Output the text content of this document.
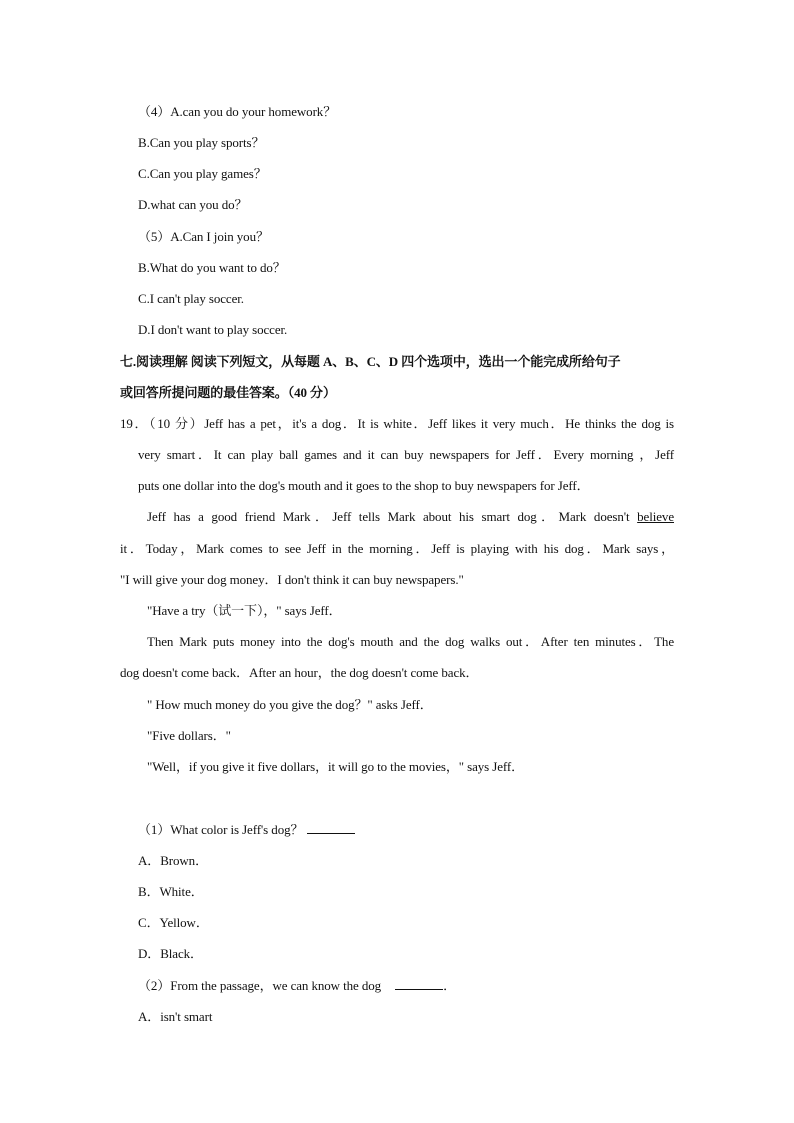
（4）A.can you do your homework？
B.Can you play sports？
C.Can you play games？
D.what can you do？
（5）A.Can I join you？
B.What do you want to do？
C.I can't play soccer.
D.I don't want to play soccer.
七.阅读理解 阅读下列短文，从每题 A、B、C、D 四个选项中，选出一个能完成所给句子
或回答所提问题的最佳答案。（40 分）
19．（10 分）Jeff has a pet，it's a dog．It is white．Jeff likes it very much．He thinks the dog is
very smart．It can play ball games and it can buy newspapers for Jeff．Every morning ，Jeff
puts one dollar into the dog's mouth and it goes to the shop to buy newspapers for Jeff．
Jeff has a good friend Mark．Jeff tells Mark about his smart dog．Mark doesn't believe
it．Today，Mark comes to see Jeff in the morning．Jeff is playing with his dog．Mark says，
"I will give your dog money．I don't think it can buy newspapers."
"Have a try（试一下），" says Jeff．
Then Mark puts money into the dog's mouth and the dog walks out．After ten minutes．The
dog doesn't come back．After an hour，the dog doesn't come back．
" How much money do you give the dog？" asks Jeff．
"Five dollars．"
"Well，if you give it five dollars，it will go to the movies，" says Jeff．
（1）What color is Jeff's dog？
A．Brown．
B．White．
C．Yellow．
D．Black．
（2）From the passage，we can know the dog	．
A．isn't smart
